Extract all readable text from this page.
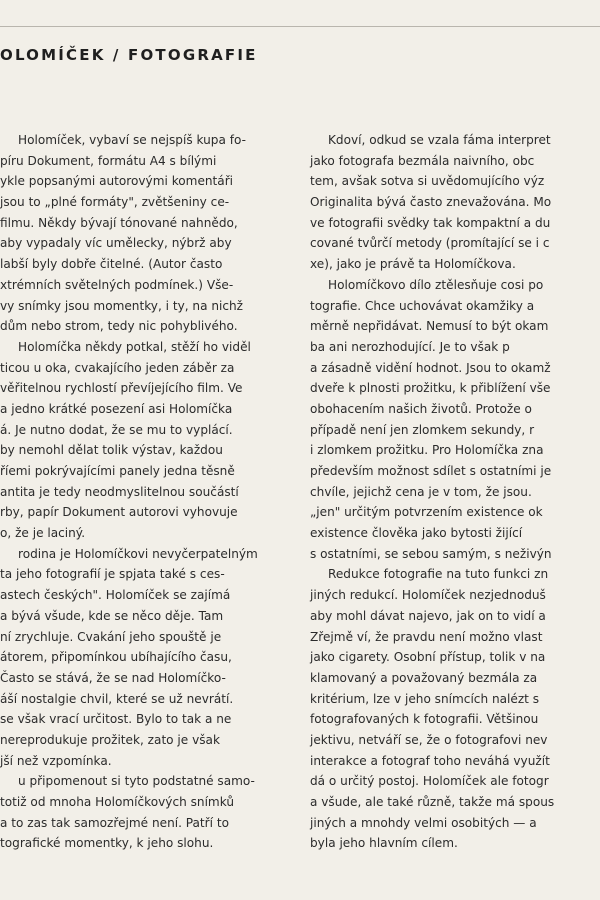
OLOMÍČEK / FOTOGRAFIE
Holomíček, vybaví se nejspíš kupa fo-
píru Dokument, formátu A4 s bílými
ykle popsanými autorovými komentáři
jsou to „plné formáty", zvětšeniny ce-
filmu. Někdy bývají tónované nahnědo,
aby vypadaly víc umělecky, nýbrž aby
labší byly dobře čitelné. (Autor často
xtrémních světelných podmínek.) Vše-
vy snímky jsou momentky, i ty, na nichž
dům nebo strom, tedy nic pohyblivého.
Holomíčka někdy potkal, stěží ho viděl
ticou u oka, cvakajícího jeden záběr za
věřitelnou rychlostí převíjejícího film. Ve
a jedno krátké posezení asi Holomíčka
á. Je nutno dodat, že se mu to vyplácí.
by nemohl dělat tolik výstav, každou
říemi pokrývajícími panely jedna těsně
antita je tedy neodmyslitelnou součástí
rby, papír Dokument autorovi vyhovuje
o, že je laciný.
rodina je Holomíčkovi nevyčerpatelným
ta jeho fotografií je spjata také s ces-
astech českých". Holomíček se zajímá
a bývá všude, kde se něco děje. Tam
ní zrychluje. Cvakání jeho spouště je
átorem, připomínkou ubíhajícího času,
Často se stává, že se nad Holomíčko-
áší nostalgie chvil, které se už nevrátí.
se však vrací určitost. Bylo to tak a ne
nereprodukuje prožitek, zato je však
jší než vzpomínka.
u připomenout si tyto podstatné samo-
totiž od mnoha Holomíčkových snímků
a to zas tak samozřejmé není. Patří to
tografické momentky, k jeho slohu.
Kdoví, odkud se vzala fáma interpret
jako fotografa bezmála naivního, obc
tem, avšak sotva si uvědomujícího výz
Originalita bývá často znevažována. Mo
ve fotografii svědky tak kompaktní a du
cované tvůrčí metody (promítající se i c
xe), jako je právě ta Holomíčkova.
Holomíčkovo dílo ztělesňuje cosi po
tografie. Chce uchovávat okamžiky a
měrně nepřidávat. Nemusí to být okam
ba ani nerozhodující. Je to však p
a zásadně vidění hodnot. Jsou to okamž
dveře k plnosti prožitku, k přiblížení vše
obohacením našich životů. Protože o
případě není jen zlomkem sekundy, r
i zlomkem prožitku. Pro Holomíčka zna
především možnost sdílet s ostatními je
chvíle, jejichž cena je v tom, že jsou.
„jen" určitým potvrzením existence ok
existence člověka jako bytosti žijící
s ostatními, se sebou samým, s neživýn
Redukce fotografie na tuto funkci zn
jiných redukcí. Holomíček nezjednoduš
aby mohl dávat najevo, jak on to vidí a
Zřejmě ví, že pravdu není možno vlast
jako cigarety. Osobní přístup, tolik v na
klamovaný a považovaný bezmála za
kritérium, lze v jeho snímcích nalézt s
fotografovaných k fotografii. Většinou
jektivu, netváří se, že o fotografovi nev
interakce a fotograf toho neváhá využít
dá o určitý postoj. Holomíček ale fotogr
a všude, ale také různě, takže má spous
jiných a mnohdy velmi osobitých — a
byla jeho hlavním cílem.
